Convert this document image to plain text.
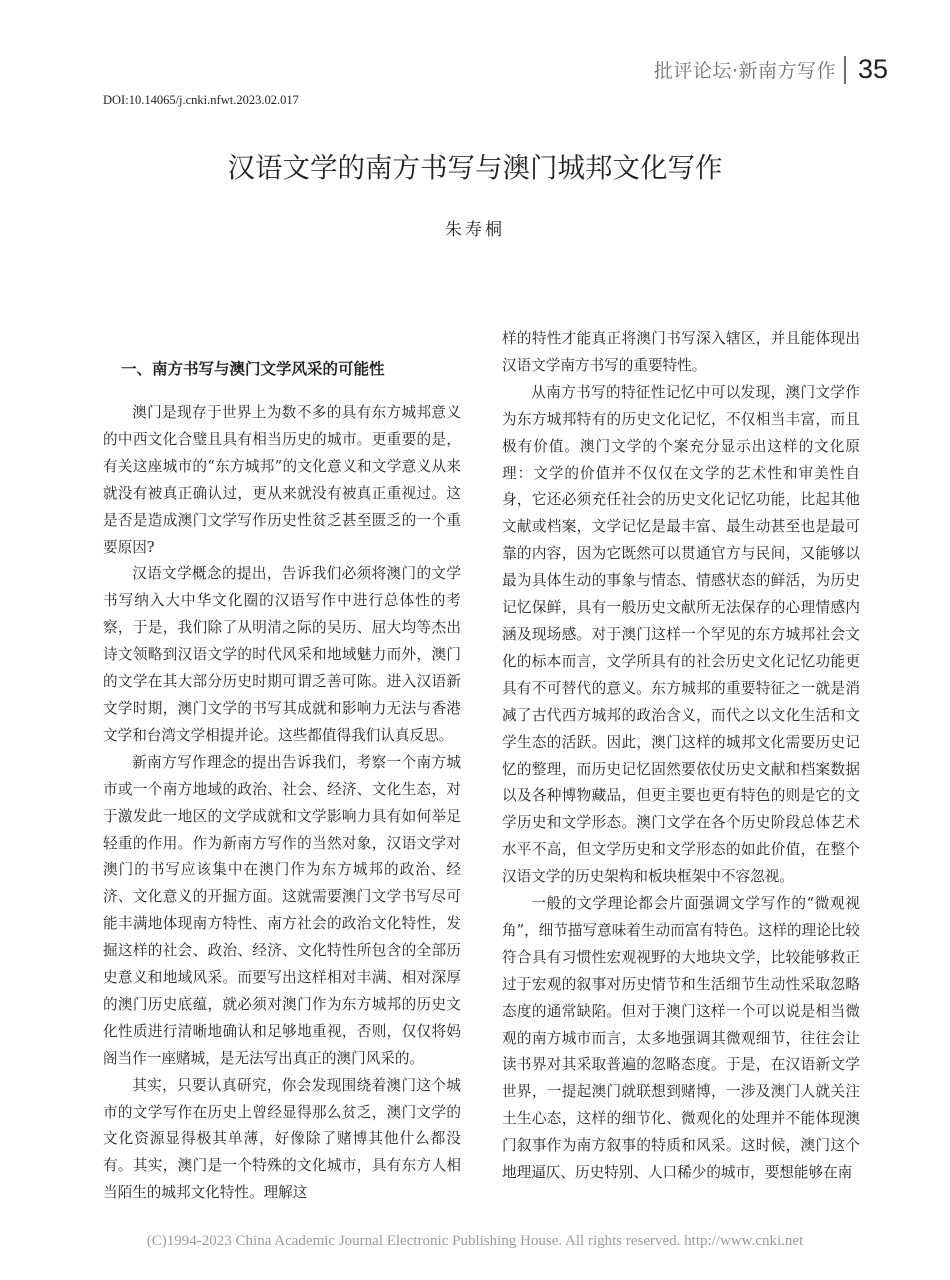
批评论坛·新南方写作 35
DOI:10.14065/j.cnki.nfwt.2023.02.017
汉语文学的南方书写与澳门城邦文化写作
朱寿桐
一、南方书写与澳门文学风采的可能性

澳门是现存于世界上为数不多的具有东方城邦意义的中西文化合璧且具有相当历史的城市。更重要的是，有关这座城市的“东方城邦”的文化意义和文学意义从来就没有被真正确认过，更从来就没有被真正重视过。这是否是造成澳门文学写作历史性贫乏甚至匮乏的一个重要原因?

汉语文学概念的提出，告诉我们必须将澳门的文学书写纳入大中华文化圈的汉语写作中进行总体性的考察，于是，我们除了从明清之际的吴历、屈大均等杰出诗文领略到汉语文学的时代风采和地域魅力而外，澳门的文学在其大部分历史时期可谓乏善可陈。进入汉语新文学时期，澳门文学的书写其成就和影响力无法与香港文学和台湾文学相提并论。这些都值得我们认真反思。

新南方写作理念的提出告诉我们，考察一个南方城市或一个南方地域的政治、社会、经济、文化生态，对于激发此一地区的文学成就和文学影响力具有如何举足轻重的作用。作为新南方写作的当然对象，汉语文学对澳门的书写应该集中在澳门作为东方城邦的政治、经济、文化意义的开掘方面。这就需要澳门文学书写尽可能丰满地体现南方特性、南方社会的政治文化特性，发掘这样的社会、政治、经济、文化特性所包含的全部历史意义和地域风采。而要写出这样相对丰满、相对深厚的澳门历史底蕴，就必须对澳门作为东方城邦的历史文化性质进行清晰地确认和足够地重视，否则，仅仅将妈阁当作一座赌城，是无法写出真正的澳门风采的。

其实，只要认真研究，你会发现围绕着澳门这个城市的文学写作在历史上曾经显得那么贫乏，澳门文学的文化资源显得极其单薄，好像除了赌博其他什么都没有。其实，澳门是一个特殊的文化城市，具有东方人相当陌生的城邦文化特性。理解这

样的特性才能真正将澳门书写深入辖区，并且能体现出汉语文学南方书写的重要特性。

从南方书写的特征性记忆中可以发现，澳门文学作为东方城邦特有的历史文化记忆，不仅相当丰富，而且极有价值。澳门文学的个案充分显示出这样的文化原理：文学的价值并不仅仅在文学的艺术性和审美性自身，它还必须充任社会的历史文化记忆功能，比起其他文献或档案，文学记忆是最丰富、最生动甚至也是最可靠的内容，因为它既然可以贯通官方与民间，又能够以最为具体生动的事象与情态、情感状态的鲜活，为历史记忆保鲜，具有一般历史文献所无法保存的心理情感内涵及现场感。对于澳门这样一个罕见的东方城邦社会文化的标本而言，文学所具有的社会历史文化记忆功能更具有不可替代的意义。东方城邦的重要特征之一就是消减了古代西方城邦的政治含义，而代之以文化生活和文学生态的活跃。因此，澳门这样的城邦文化需要历史记忆的整理，而历史记忆固然要依仗历史文献和档案数据以及各种博物藏品，但更主要也更有特色的则是它的文学历史和文学形态。澳门文学在各个历史阶段总体艺术水平不高，但文学历史和文学形态的如此价值，在整个汉语文学的历史架构和板块框架中不容忽视。

一般的文学理论都会片面强调文学写作的“微观视角”，细节描写意味着生动而富有特色。这样的理论比较符合具有习惯性宏观视野的大地块文学，比较能够救正过于宏观的叙事对历史情节和生活细节生动性采取忽略态度的通常缺陷。但对于澳门这样一个可以说是相当微观的南方城市而言，太多地强调其微观细节，往往会让读书界对其采取普遍的忽略态度。于是，在汉语新文学世界，一提起澳门就联想到赌博，一涉及澳门人就关注土生心态，这样的细节化、微观化的处理并不能体现澳门叙事作为南方叙事的特质和风采。这时候，澳门这个地理逼仄、历史特别、人口稀少的城市，要想能够在南

(C)1994-2023 China Academic Journal Electronic Publishing House. All rights reserved. http://www.cnki.net
